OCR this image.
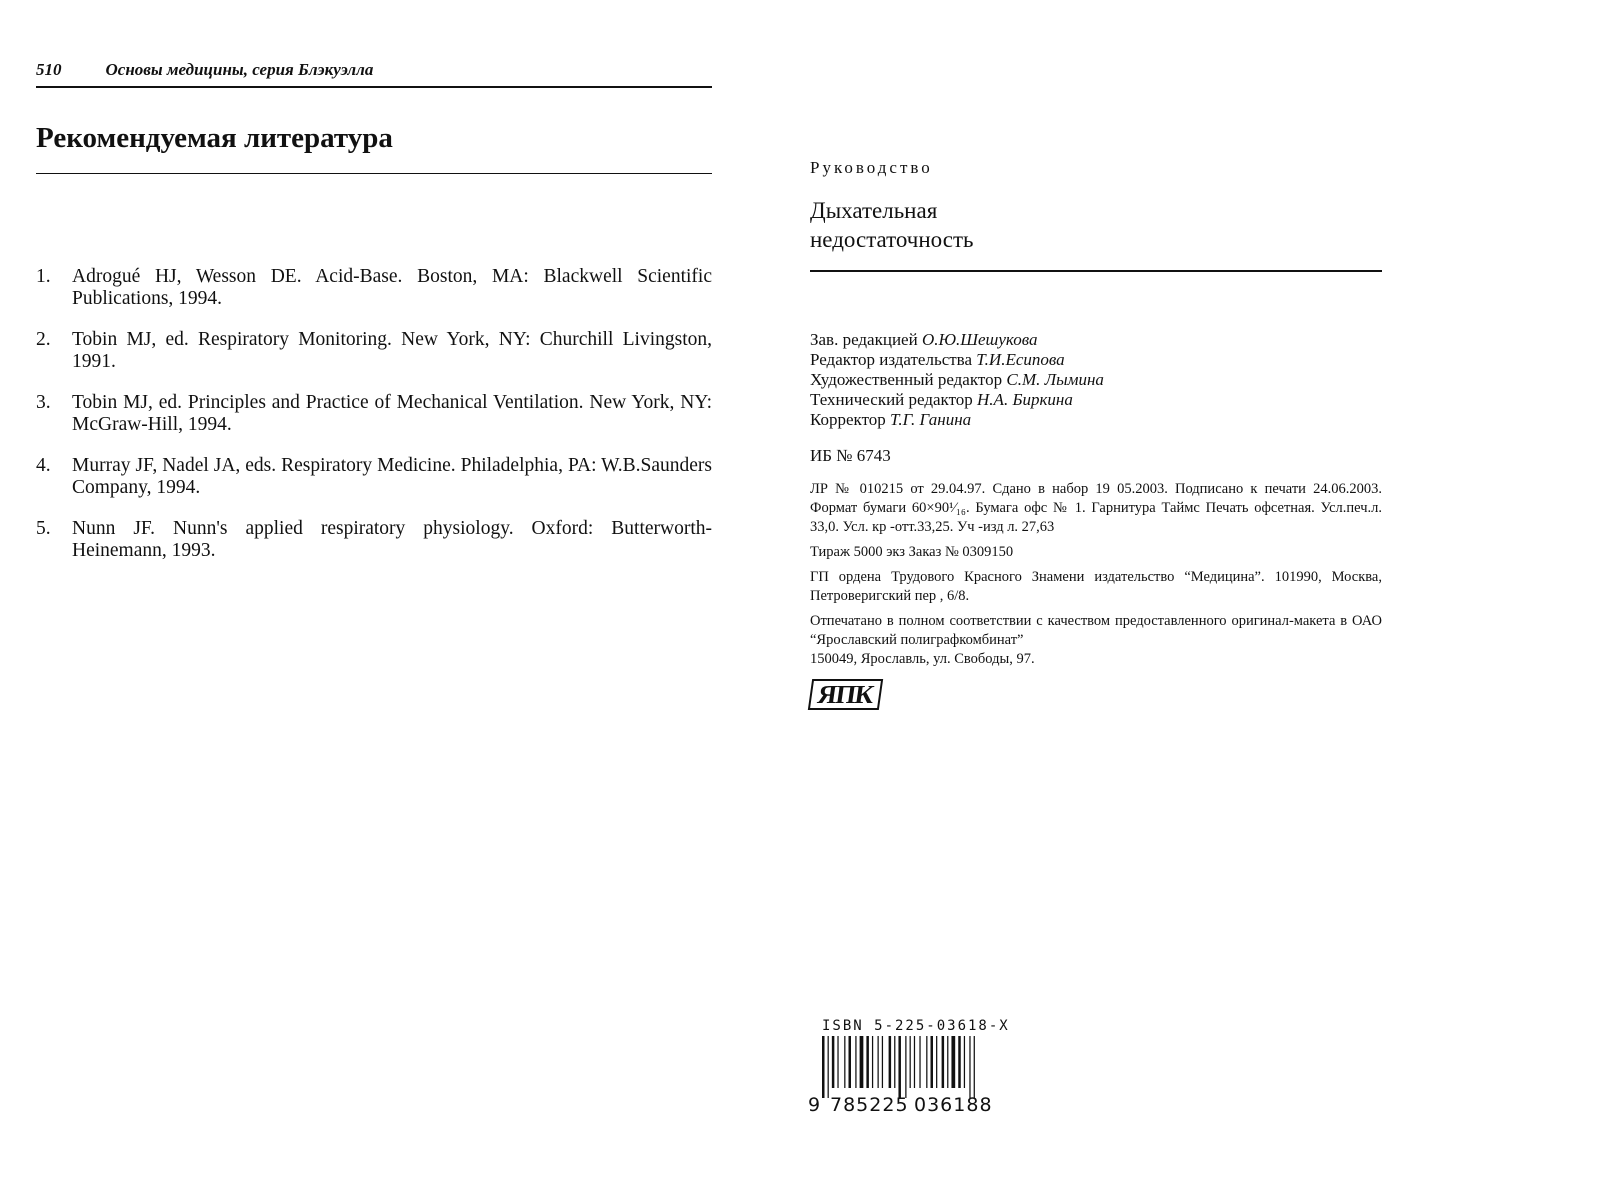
510	Основы медицины, серия Блэкуэлла
Рекомендуемая литература
1.	Adrogué HJ, Wesson DE. Acid-Base. Boston, MA: Blackwell Scientific Publications, 1994.
2.	Tobin MJ, ed. Respiratory Monitoring. New York, NY: Churchill Livingston, 1991.
3.	Tobin MJ, ed. Principles and Practice of Mechanical Ventilation. New York, NY: McGraw-Hill, 1994.
4.	Murray JF, Nadel JA, eds. Respiratory Medicine. Philadelphia, PA: W.B.Saunders Company, 1994.
5.	Nunn JF. Nunn's applied respiratory physiology. Oxford: Butterworth-Heinemann, 1993.
Руководство
Дыхательная
недостаточность
Зав. редакцией О.Ю.Шешукова
Редактор издательства Т.И.Есипова
Художественный редактор С.М. Лымина
Технический редактор Н.А. Биркина
Корректор Т.Г. Ганина
ИБ № 6743

ЛР № 010215 от 29.04.97. Сдано в набор 19 05.2003. Подписано к печати 24.06.2003. Формат бумаги 60×90¹⁄₁₆. Бумага офс № 1. Гарнитура Таймс Печать офсетная. Усл.печ.л. 33,0. Усл. кр -отт.33,25. Уч -изд л. 27,63

Тираж 5000 экз Заказ № 0309150

ГП ордена Трудового Красного Знамени издательство “Медицина”. 101990, Москва, Петроверигский пер , 6/8.

Отпечатано в полном соответствии с качеством предоставленного оригинал-макета в ОАО “Ярославский полиграфкомбинат”

150049, Ярославль, ул. Свободы, 97.

ЯПК
ISBN 5-225-03618-X
9 785225 036188
